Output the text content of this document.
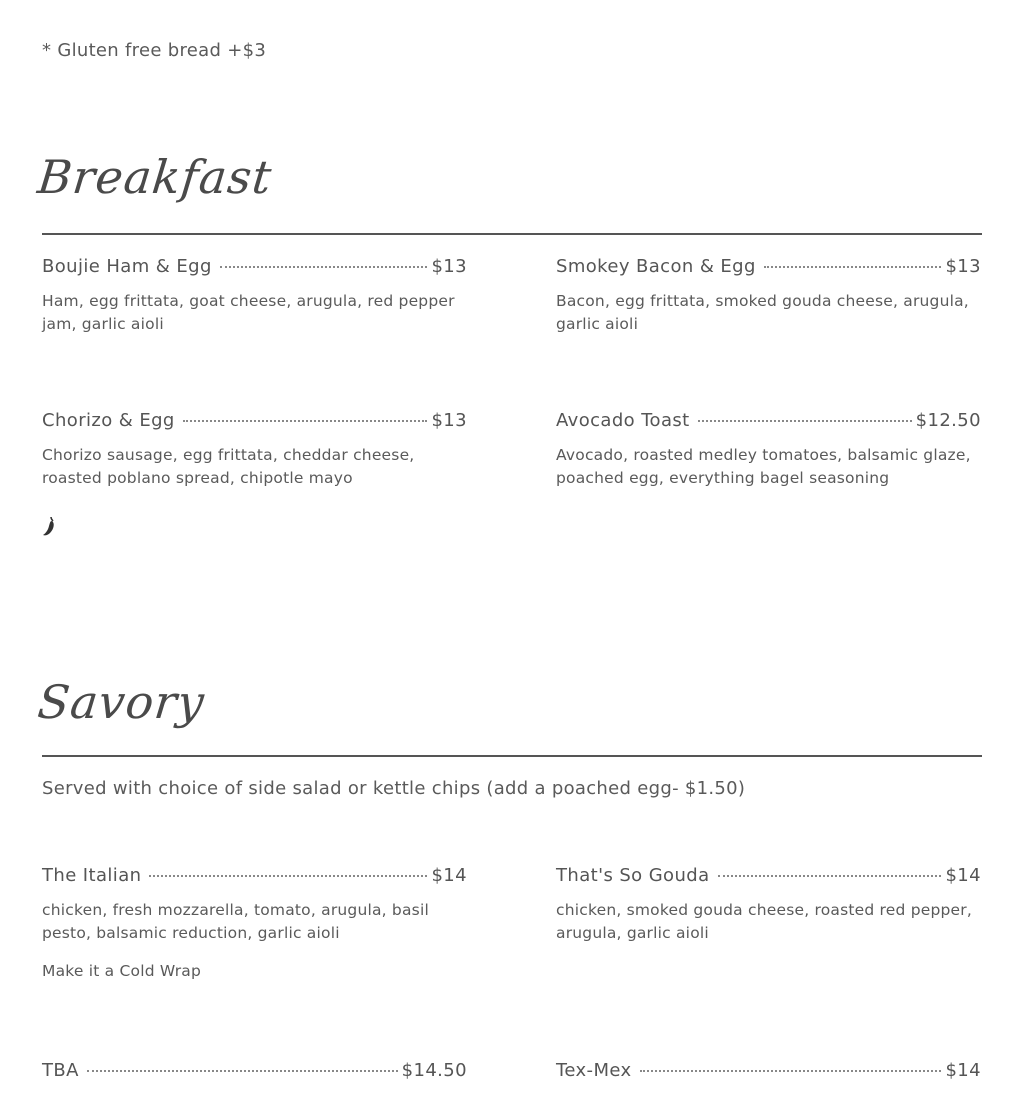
* Gluten free bread +$3
Breakfast
Boujie Ham & Egg	$13
Ham, egg frittata, goat cheese, arugula, red pepper jam, garlic aioli
Smokey Bacon & Egg	$13
Bacon, egg frittata, smoked gouda cheese, arugula, garlic aioli
Chorizo & Egg	$13
Chorizo sausage, egg frittata, cheddar cheese, roasted poblano spread, chipotle mayo
Avocado Toast	$12.50
Avocado, roasted medley tomatoes, balsamic glaze, poached egg, everything bagel seasoning
Savory
Served with choice of side salad or kettle chips (add a poached egg- $1.50)
The Italian	$14
chicken, fresh mozzarella, tomato, arugula, basil pesto, balsamic reduction, garlic aioli
Make it a Cold Wrap
That's So Gouda	$14
chicken, smoked gouda cheese, roasted red pepper, arugula, garlic aioli
TBA	$14.50	Tex-Mex	$14
